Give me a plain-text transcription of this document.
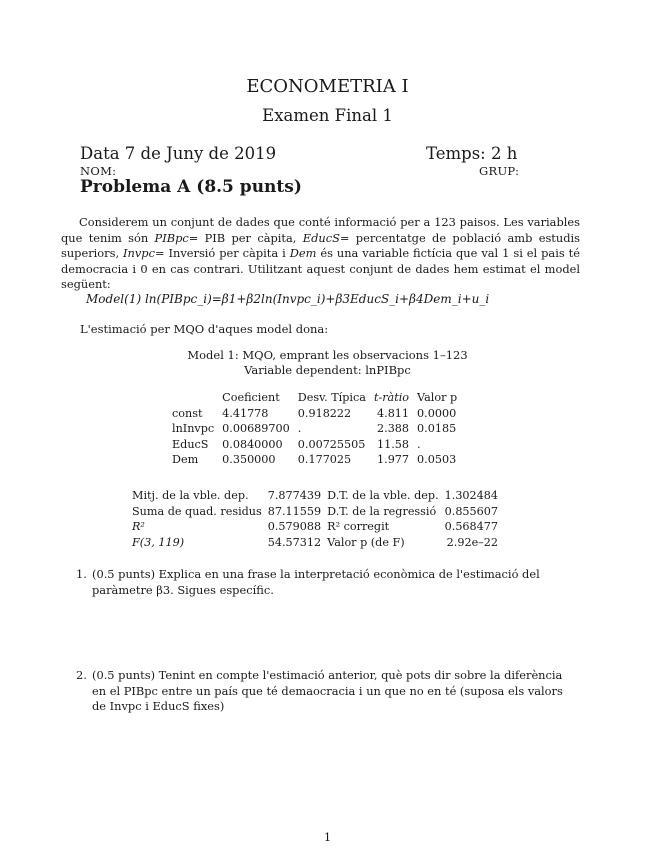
ECONOMETRIA I
Examen Final 1
Data 7 de Juny de 2019	Temps: 2 h
NOM:	GRUP:
Problema A (8.5 punts)
Considerem un conjunt de dades que conté informació per a 123 paisos. Les variables que tenim són PIBpc= PIB per càpita, EducS= percentatge de població amb estudis superiors, Invpc= Inversió per càpita i Dem és una variable fictícia que val 1 si el pais té democracia i 0 en cas contrari. Utilitzant aquest conjunt de dades hem estimat el model següent:
Model(1) ln(PIBpc_i)=β1+β2ln(Invpc_i)+β3EducS_i+β4Dem_i+u_i
L'estimació per MQO d'aques model dona:
Model 1: MQO, emprant les observacions 1–123
Variable dependent: lnPIBpc
	Coeficient	Desv. Típica	t-ràtio	Valor p
const	4.41778	0.918222	4.811	0.0000
lnInvpc	0.00689700	.	2.388	0.0185
EducS	0.0840000	0.00725505	11.58	.
Dem	0.350000	0.177025	1.977	0.0503
Mitj. de la vble. dep.	7.877439	D.T. de la vble. dep.	1.302484
Suma de quad. residus	87.11559	D.T. de la regressió	0.855607
R²	0.579088	R² corregit	0.568477
F(3, 119)	54.57312	Valor p (de F)	2.92e–22
1. (0.5 punts) Explica en una frase la interpretació econòmica de l'estimació del paràmetre β3. Sigues específic.
2. (0.5 punts) Tenint en compte l'estimació anterior, què pots dir sobre la diferència en el PIBpc entre un país que té demaocracia i un que no en té (suposa els valors de Invpc i EducS fixes)
1
